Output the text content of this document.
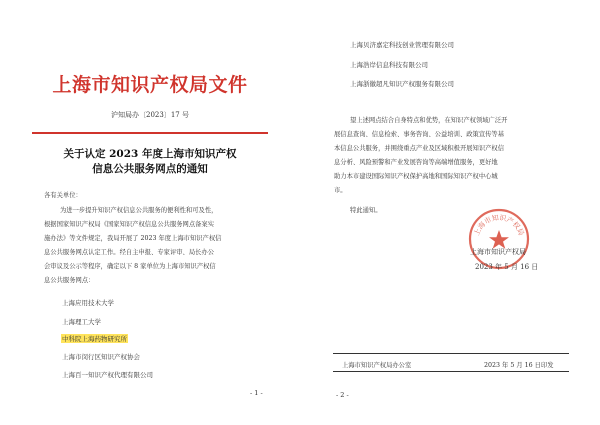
上海市知识产权局文件
沪知局办〔2023〕17 号
关于认定 2023 年度上海市知识产权
信息公共服务网点的通知
各有关单位：
为进一步提升知识产权信息公共服务的便利性和可及性，
根据国家知识产权局《国家知识产权信息公共服务网点备案实
施办法》等文件规定，我局开展了 2023 年度上海市知识产权信
息公共服务网点认定工作。经自主申报、专家评审、局长办公
会审议及公示等程序，确定以下 8 家单位为上海市知识产权信
息公共服务网点：
上海应用技术大学
上海理工大学
中科院上海药物研究所
上海市闵行区知识产权协会
上海百一知识产权代理有限公司
- 1 -
上海贝济嘉定科技创业管理有限公司
上海浩岸信息科技有限公司
上海浙徽超凡知识产权服务有限公司
望上述网点结合自身特点和优势，在知识产权领域广泛开
展信息查询、信息检索、事务咨询、公益培训、政策宣传等基
本信息公共服务，并围绕重点产业及区域积极开展知识产权信
息分析、风险预警和产业发展咨询等高端增值服务，更好地
助力本市建设国际知识产权保护高地和国际知识产权中心城
市。
特此通知。
上海市知识产权局
上海市知识产权局
2023 年 5 月 16 日
上海市知识产权局办公室	2023 年 5 月 16 日印发
- 2 -
